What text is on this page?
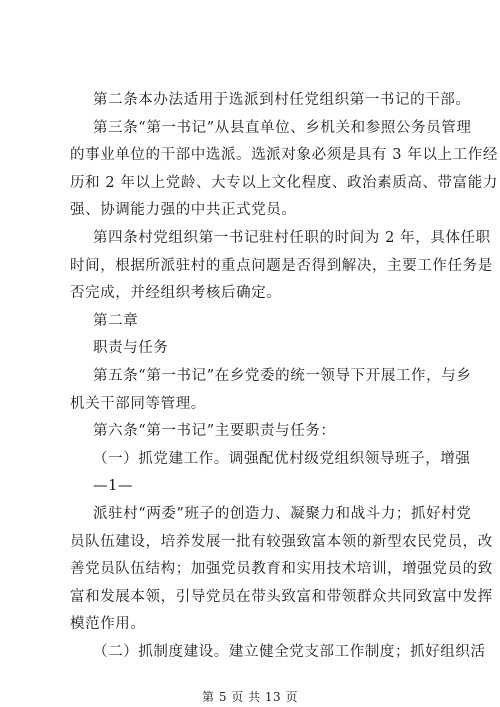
第二条本办法适用于选派到村任党组织第一书记的干部。
第三条“第一书记”从县直单位、乡机关和参照公务员管理
的事业单位的干部中选派。选派对象必须是具有 3 年以上工作经
历和 2 年以上党龄、大专以上文化程度、政治素质高、带富能力
强、协调能力强的中共正式党员。
第四条村党组织第一书记驻村任职的时间为 2 年，具体任职
时间，根据所派驻村的重点问题是否得到解决，主要工作任务是
否完成，并经组织考核后确定。
第二章
职责与任务
第五条“第一书记”在乡党委的统一领导下开展工作，与乡
机关干部同等管理。
第六条“第一书记”主要职责与任务：
（一）抓党建工作。调强配优村级党组织领导班子，增强
—1—
派驻村“两委”班子的创造力、凝聚力和战斗力；抓好村党
员队伍建设，培养发展一批有较强致富本领的新型农民党员，改
善党员队伍结构；加强党员教育和实用技术培训，增强党员的致
富和发展本领，引导党员在带头致富和带领群众共同致富中发挥
（二）抓制度建设。建立健全党支部工作制度；抓好组织活
模范作用。
第 5 页 共 13 页
